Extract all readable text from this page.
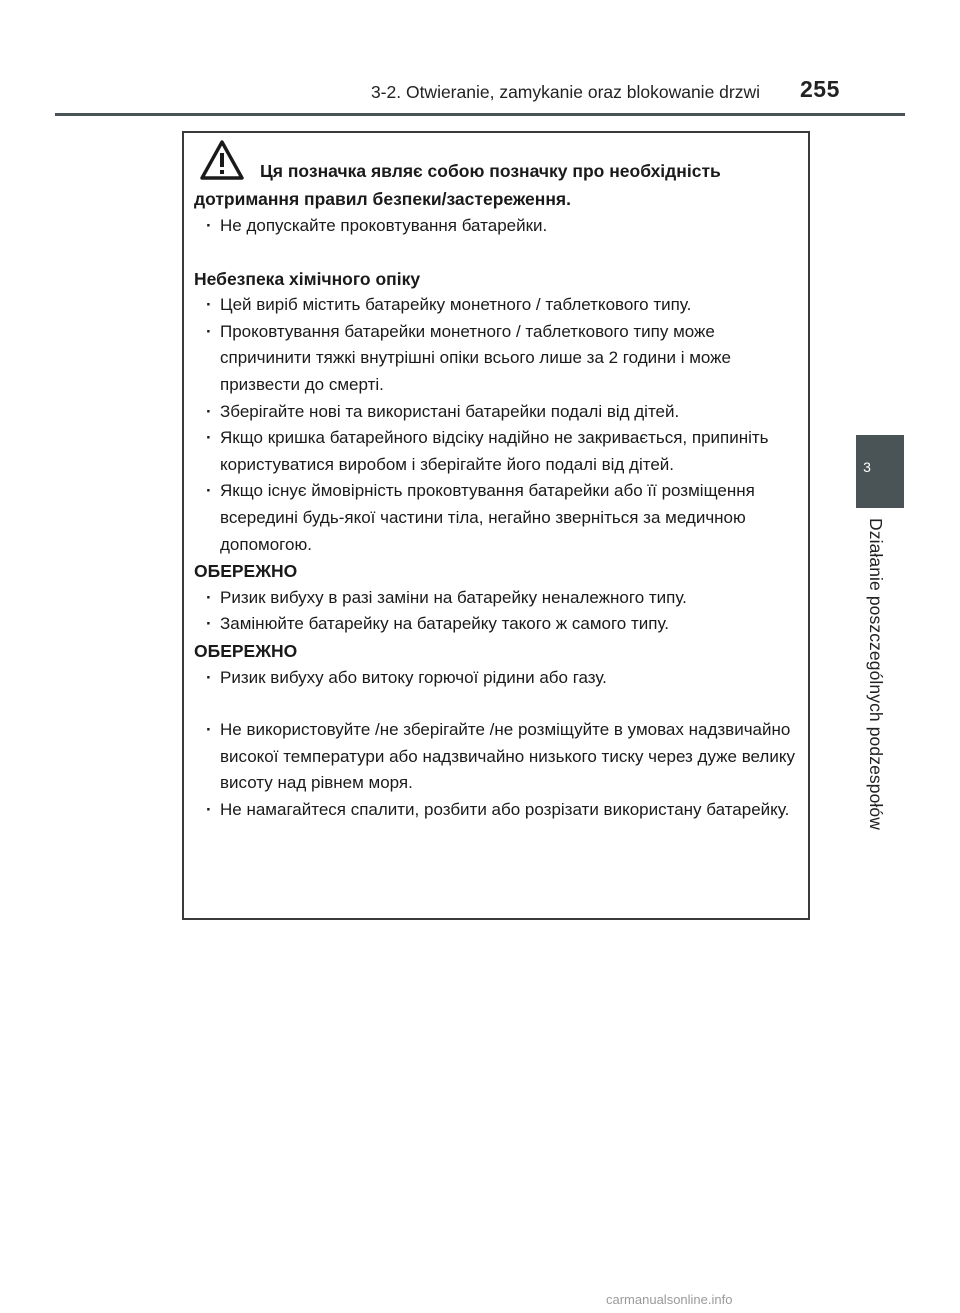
3-2. Otwieranie, zamykanie oraz blokowanie drzwi 255
3
Działanie poszczególnych podzespołów

Ця позначка являє собою позначку про необхідність дотримання правил безпеки/застереження.

· Не допускайте проковтування батарейки.

Небезпека хімічного опіку

· Цей виріб містить батарейку монетного / таблеткового типу.

· Проковтування батарейки монетного / таблеткового типу може спричинити тяжкі внутрішні опіки всього лише за 2 години і може призвести до смерті.

· Зберігайте нові та використані батарейки подалі від дітей.

· Якщо кришка батарейного відсіку надійно не закривається, припиніть користуватися виробом і зберігайте його подалі від дітей.

· Якщо існує ймовірність проковтування батарейки або її розміщення всередині будь-якої частини тіла, негайно зверніться за медичною допомогою.

ОБЕРЕЖНО

· Ризик вибуху в разі заміни на батарейку неналежного типу.

· Замінюйте батарейку на батарейку такого ж самого типу.

ОБЕРЕЖНО

· Ризик вибуху або витоку горючої рідини або газу.

· Не використовуйте /не зберігайте /не розміщуйте в умовах надзвичайно високої температури або надзвичайно низького тиску через дуже велику висоту над рівнем моря.

· Не намагайтеся спалити, розбити або розрізати використану батарейку.

carmanualsonline.info
